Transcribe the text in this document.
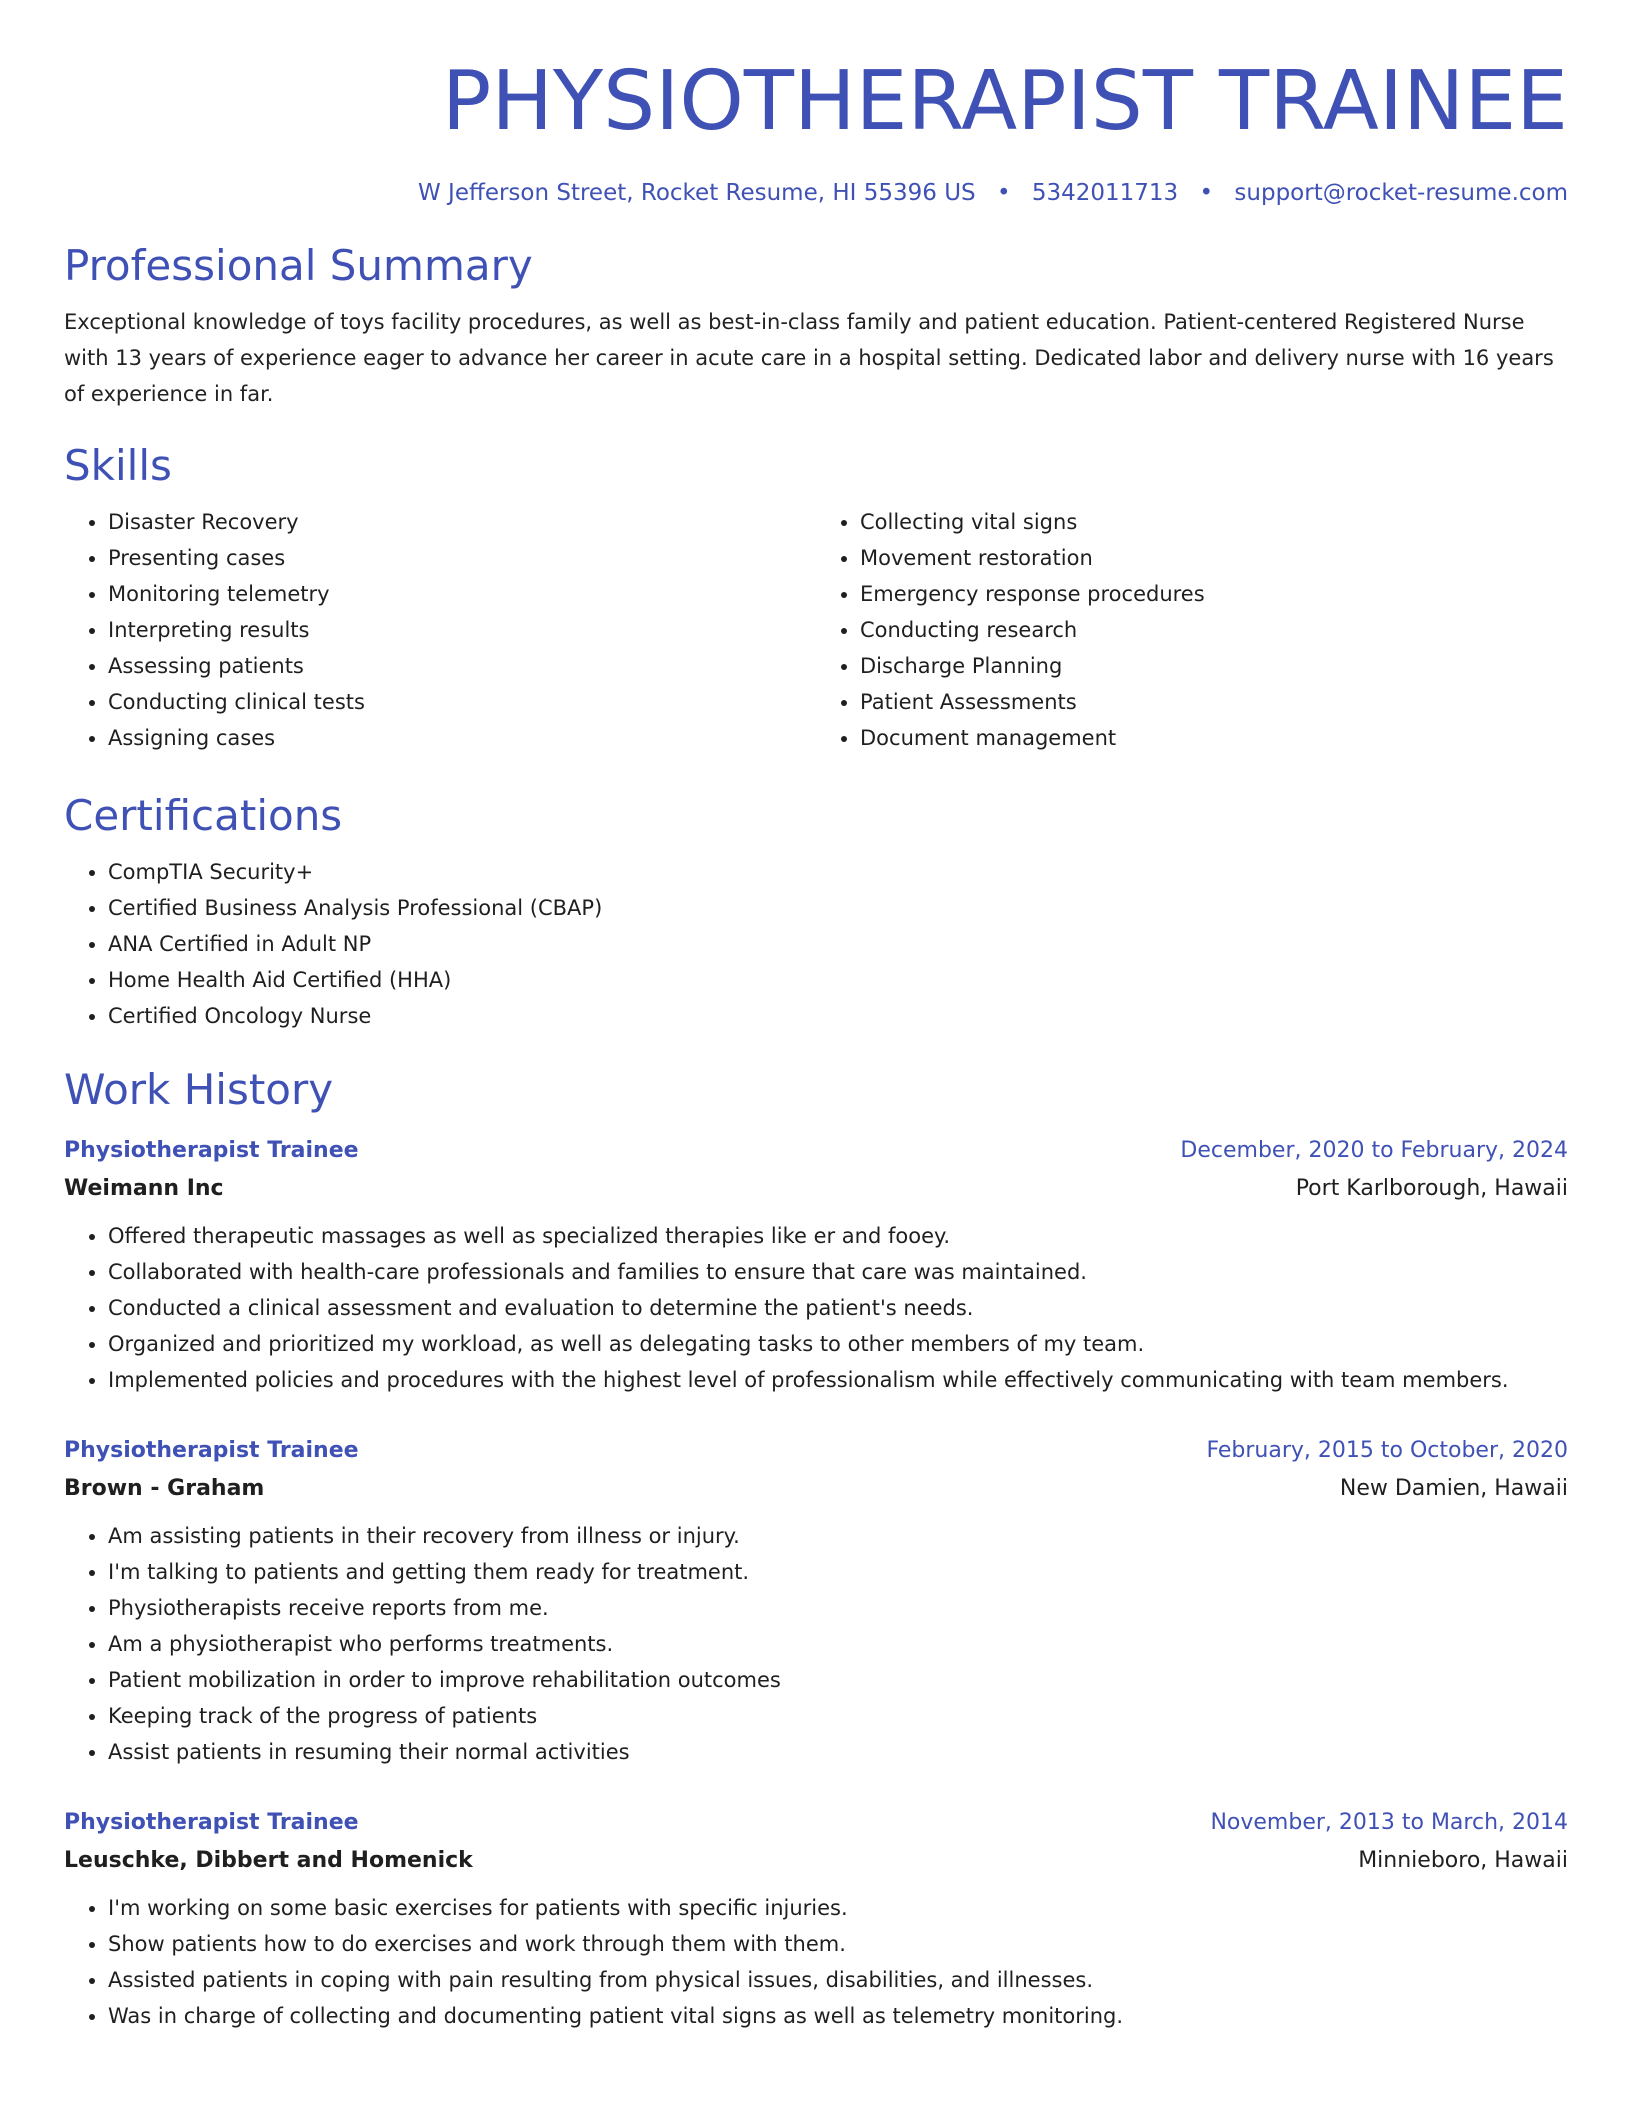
PHYSIOTHERAPIST TRAINEE
W Jefferson Street, Rocket Resume, HI 55396 US • 5342011713 • support@rocket-resume.com
Professional Summary
Exceptional knowledge of toys facility procedures, as well as best-in-class family and patient education. Patient-centered Registered Nurse with 13 years of experience eager to advance her career in acute care in a hospital setting. Dedicated labor and delivery nurse with 16 years of experience in far.
Skills
• Disaster Recovery
• Presenting cases
• Monitoring telemetry
• Interpreting results
• Assessing patients
• Conducting clinical tests
• Assigning cases
• Collecting vital signs
• Movement restoration
• Emergency response procedures
• Conducting research
• Discharge Planning
• Patient Assessments
• Document management
Certifications
• CompTIA Security+
• Certified Business Analysis Professional (CBAP)
• ANA Certified in Adult NP
• Home Health Aid Certified (HHA)
• Certified Oncology Nurse
Work History
Physiotherapist Trainee	December, 2020 to February, 2024
Weimann Inc	Port Karlborough, Hawaii
• Offered therapeutic massages as well as specialized therapies like er and fooey.
• Collaborated with health-care professionals and families to ensure that care was maintained.
• Conducted a clinical assessment and evaluation to determine the patient's needs.
• Organized and prioritized my workload, as well as delegating tasks to other members of my team.
• Implemented policies and procedures with the highest level of professionalism while effectively communicating with team members.
Physiotherapist Trainee	February, 2015 to October, 2020
Brown - Graham	New Damien, Hawaii
• Am assisting patients in their recovery from illness or injury.
• I'm talking to patients and getting them ready for treatment.
• Physiotherapists receive reports from me.
• Am a physiotherapist who performs treatments.
• Patient mobilization in order to improve rehabilitation outcomes
• Keeping track of the progress of patients
• Assist patients in resuming their normal activities
Physiotherapist Trainee	November, 2013 to March, 2014
Leuschke, Dibbert and Homenick	Minnieboro, Hawaii
• I'm working on some basic exercises for patients with specific injuries.
• Show patients how to do exercises and work through them with them.
• Assisted patients in coping with pain resulting from physical issues, disabilities, and illnesses.
• Was in charge of collecting and documenting patient vital signs as well as telemetry monitoring.
